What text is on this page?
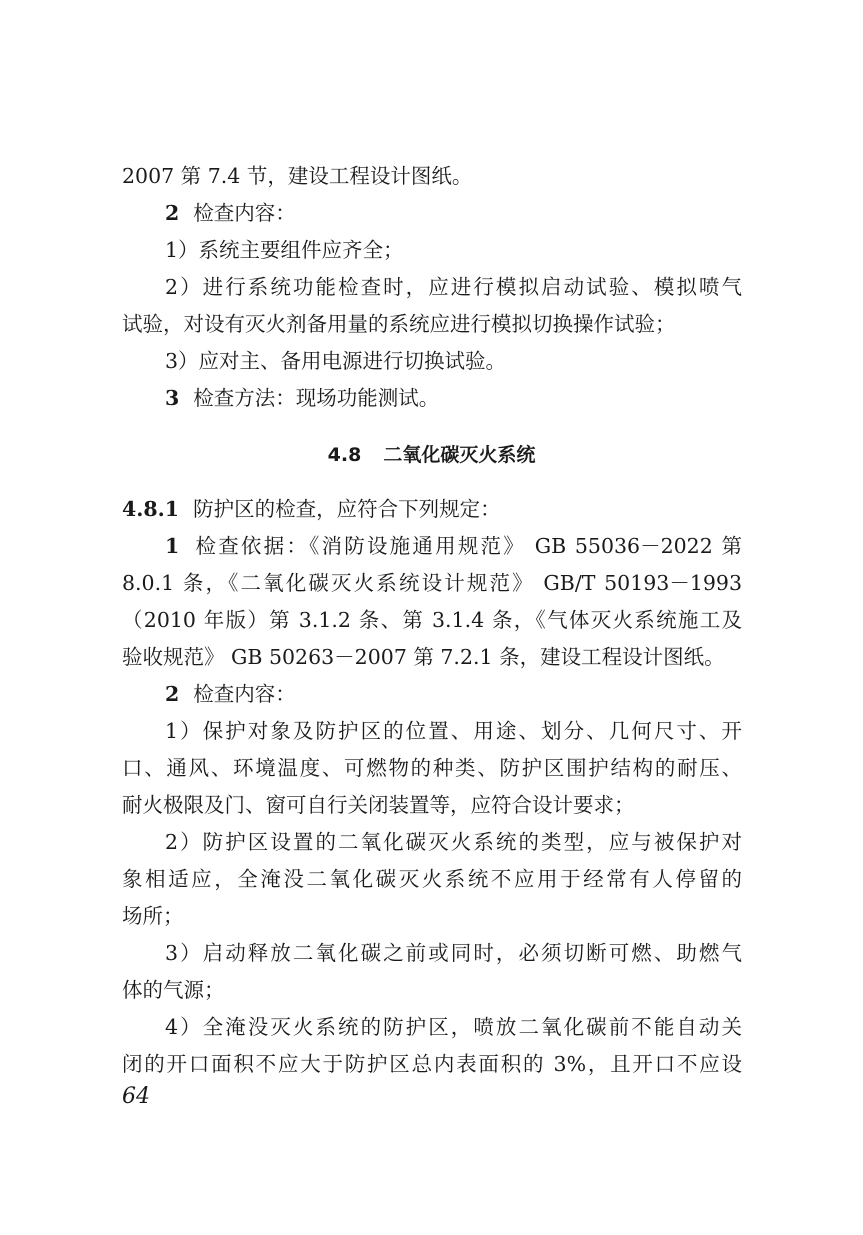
2007 第 7.4 节，建设工程设计图纸。
2 检查内容：
1）系统主要组件应齐全；
2）进行系统功能检查时，应进行模拟启动试验、模拟喷气
试验，对设有灭火剂备用量的系统应进行模拟切换操作试验；
3）应对主、备用电源进行切换试验。
3 检查方法：现场功能测试。
4.8 二氧化碳灭火系统
4.8.1 防护区的检查，应符合下列规定：
1 检查依据：《消防设施通用规范》 GB 55036－2022 第
8.0.1 条，《二氧化碳灭火系统设计规范》 GB/T 50193－1993
（2010 年版）第 3.1.2 条、第 3.1.4 条，《气体灭火系统施工及
验收规范》 GB 50263－2007 第 7.2.1 条，建设工程设计图纸。
2 检查内容：
1）保护对象及防护区的位置、用途、划分、几何尺寸、开
口、通风、环境温度、可燃物的种类、防护区围护结构的耐压、
耐火极限及门、窗可自行关闭装置等，应符合设计要求；
2）防护区设置的二氧化碳灭火系统的类型，应与被保护对
象相适应，全淹没二氧化碳灭火系统不应用于经常有人停留的
场所；
3）启动释放二氧化碳之前或同时，必须切断可燃、助燃气
体的气源；
4）全淹没灭火系统的防护区，喷放二氧化碳前不能自动关
闭的开口面积不应大于防护区总内表面积的 3%，且开口不应设
64
